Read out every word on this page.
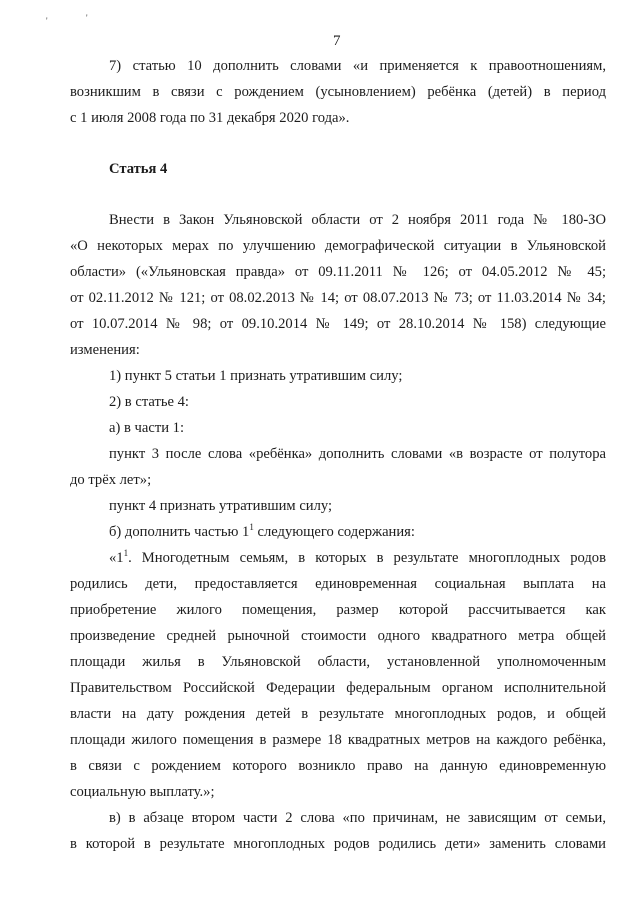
'	'
7
7) статью 10 дополнить словами «и применяется к правоотношениям,
возникшим в связи с рождением (усыновлением) ребёнка (детей) в период
с 1 июля 2008 года по 31 декабря 2020 года».
Статья 4
Внести в Закон Ульяновской области от 2 ноября 2011 года № 180-ЗО
«О некоторых мерах по улучшению демографической ситуации в Ульяновской
области» («Ульяновская правда» от 09.11.2011 № 126; от 04.05.2012 № 45;
от 02.11.2012 № 121; от 08.02.2013 № 14; от 08.07.2013 № 73; от 11.03.2014 № 34;
от 10.07.2014 № 98; от 09.10.2014 № 149; от 28.10.2014 № 158) следующие
изменения:
1) пункт 5 статьи 1 признать утратившим силу;
2) в статье 4:
а) в части 1:
пункт 3 после слова «ребёнка» дополнить словами «в возрасте от полутора
до трёх лет»;
пункт 4 признать утратившим силу;
б) дополнить частью $1^1$ следующего содержания:
«$1^1$. Многодетным семьям, в которых в результате многоплодных родов
родились дети, предоставляется единовременная социальная выплата на
приобретение жилого помещения, размер которой рассчитывается как
произведение средней рыночной стоимости одного квадратного метра общей
площади жилья в Ульяновской области, установленной уполномоченным
Правительством Российской Федерации федеральным органом исполнительной
власти на дату рождения детей в результате многоплодных родов, и общей
площади жилого помещения в размере 18 квадратных метров на каждого ребёнка,
в связи с рождением которого возникло право на данную единовременную
социальную выплату.»;
в) в абзаце втором части 2 слова «по причинам, не зависящим от семьи,
в которой в результате многоплодных родов родились дети» заменить словами
